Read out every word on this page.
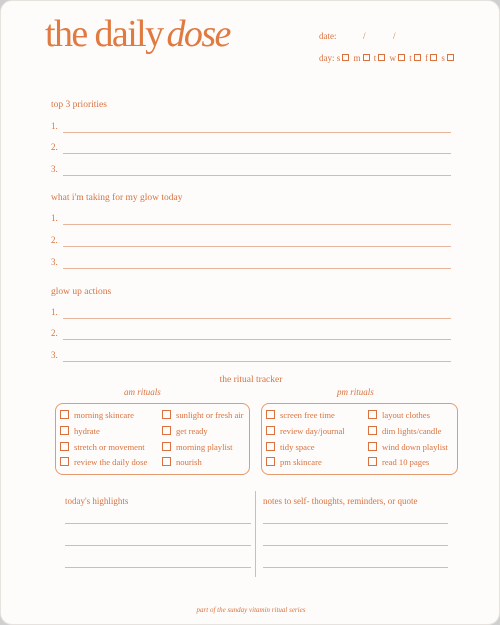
the daily dose	date:	/	/
day: s m t w t f s
top 3 priorities
1.
2.
3.
what i'm taking for my glow today
1.
2.
3.
glow up actions
1.
2.
3.
the ritual tracker
am rituals	pm rituals
morning skincare
hydrate
stretch or movement
review the daily dose
sunlight or fresh air
get ready
morning playlist
nourish
screen free time
review day/journal
tidy space
pm skincare
layout clothes
dim lights/candle
wind down playlist
read 10 pages
today's highlights	notes to self- thoughts, reminders, or quote
part of the sunday vitamin ritual series
